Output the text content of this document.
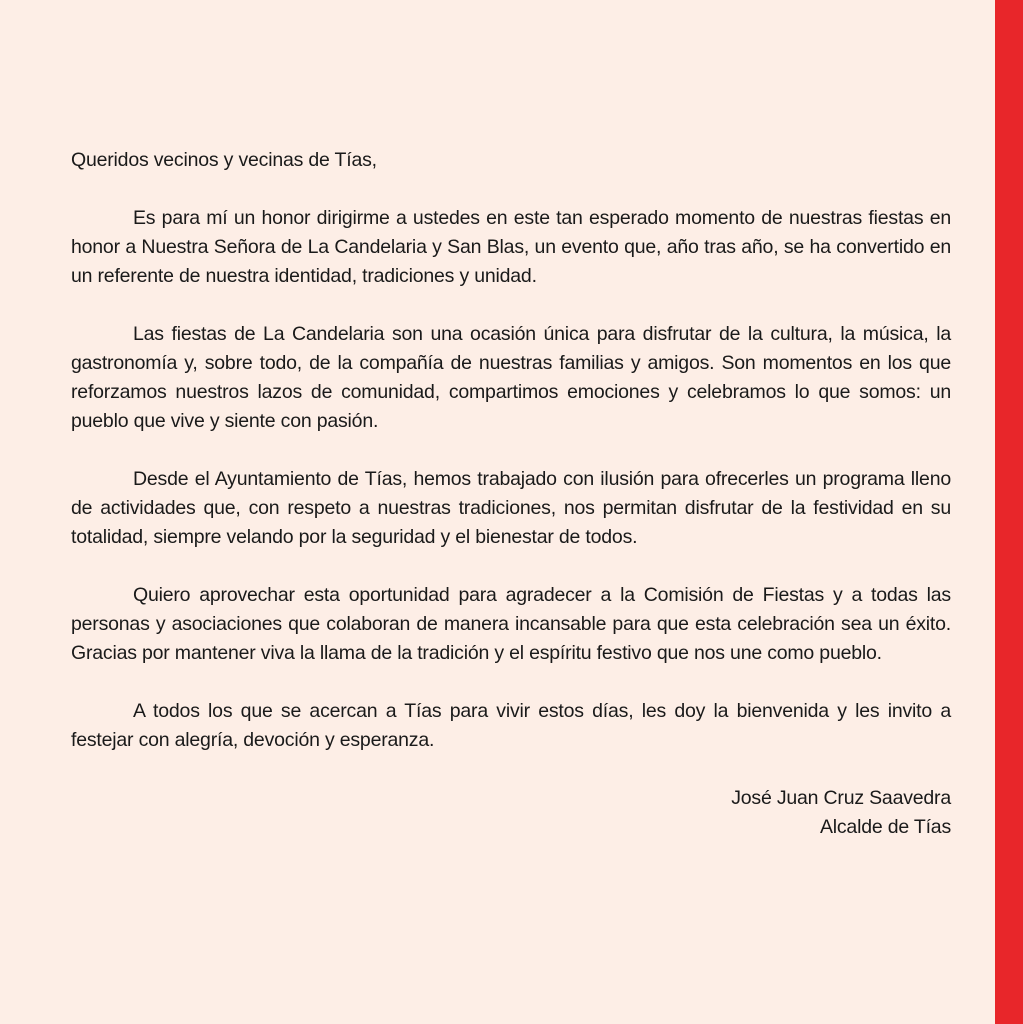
Queridos vecinos y vecinas de Tías,

Es para mí un honor dirigirme a ustedes en este tan esperado momento de nuestras fiestas en honor a Nuestra Señora de La Candelaria y San Blas, un evento que, año tras año, se ha convertido en un referente de nuestra identidad, tradiciones y unidad.

Las fiestas de La Candelaria son una ocasión única para disfrutar de la cultura, la música, la gastronomía y, sobre todo, de la compañía de nuestras familias y amigos. Son momentos en los que reforzamos nuestros lazos de comunidad, compartimos emociones y celebramos lo que somos: un pueblo que vive y siente con pasión.

Desde el Ayuntamiento de Tías, hemos trabajado con ilusión para ofrecerles un programa lleno de actividades que, con respeto a nuestras tradiciones, nos permitan disfrutar de la festividad en su totalidad, siempre velando por la seguridad y el bienestar de todos.

Quiero aprovechar esta oportunidad para agradecer a la Comisión de Fiestas y a todas las personas y asociaciones que colaboran de manera incansable para que esta celebración sea un éxito. Gracias por mantener viva la llama de la tradición y el espíritu festivo que nos une como pueblo.

A todos los que se acercan a Tías para vivir estos días, les doy la bienvenida y les invito a festejar con alegría, devoción y esperanza.

José Juan Cruz Saavedra
Alcalde de Tías
